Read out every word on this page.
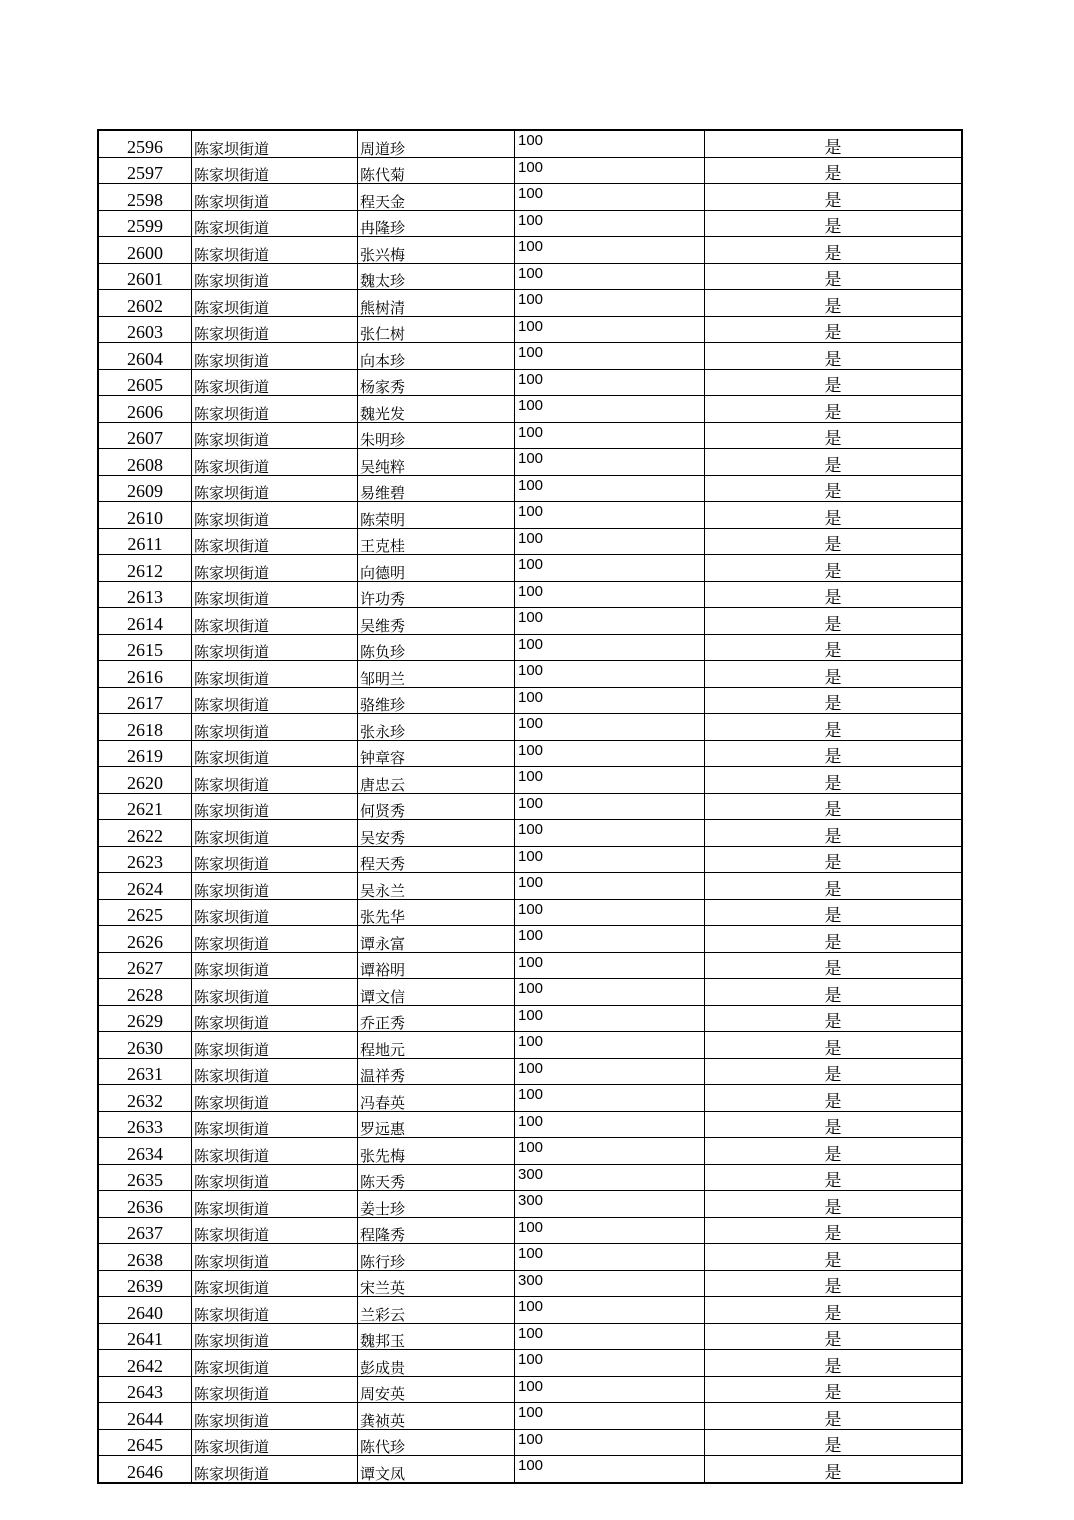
2596	陈家坝街道	周道珍	100	是
2597	陈家坝街道	陈代菊	100	是
2598	陈家坝街道	程天金	100	是
2599	陈家坝街道	冉隆珍	100	是
2600	陈家坝街道	张兴梅	100	是
2601	陈家坝街道	魏太珍	100	是
2602	陈家坝街道	熊树清	100	是
2603	陈家坝街道	张仁树	100	是
2604	陈家坝街道	向本珍	100	是
2605	陈家坝街道	杨家秀	100	是
2606	陈家坝街道	魏光发	100	是
2607	陈家坝街道	朱明珍	100	是
2608	陈家坝街道	吴纯粹	100	是
2609	陈家坝街道	易维碧	100	是
2610	陈家坝街道	陈荣明	100	是
2611	陈家坝街道	王克桂	100	是
2612	陈家坝街道	向德明	100	是
2613	陈家坝街道	许功秀	100	是
2614	陈家坝街道	吴维秀	100	是
2615	陈家坝街道	陈负珍	100	是
2616	陈家坝街道	邹明兰	100	是
2617	陈家坝街道	骆维珍	100	是
2618	陈家坝街道	张永珍	100	是
2619	陈家坝街道	钟章容	100	是
2620	陈家坝街道	唐忠云	100	是
2621	陈家坝街道	何贤秀	100	是
2622	陈家坝街道	吴安秀	100	是
2623	陈家坝街道	程天秀	100	是
2624	陈家坝街道	吴永兰	100	是
2625	陈家坝街道	张先华	100	是
2626	陈家坝街道	谭永富	100	是
2627	陈家坝街道	谭裕明	100	是
2628	陈家坝街道	谭文信	100	是
2629	陈家坝街道	乔正秀	100	是
2630	陈家坝街道	程地元	100	是
2631	陈家坝街道	温祥秀	100	是
2632	陈家坝街道	冯春英	100	是
2633	陈家坝街道	罗远惠	100	是
2634	陈家坝街道	张先梅	100	是
2635	陈家坝街道	陈天秀	300	是
2636	陈家坝街道	姜士珍	300	是
2637	陈家坝街道	程隆秀	100	是
2638	陈家坝街道	陈行珍	100	是
2639	陈家坝街道	宋兰英	300	是
2640	陈家坝街道	兰彩云	100	是
2641	陈家坝街道	魏邦玉	100	是
2642	陈家坝街道	彭成贵	100	是
2643	陈家坝街道	周安英	100	是
2644	陈家坝街道	龚祯英	100	是
2645	陈家坝街道	陈代珍	100	是
2646	陈家坝街道	谭文凤	100	是
